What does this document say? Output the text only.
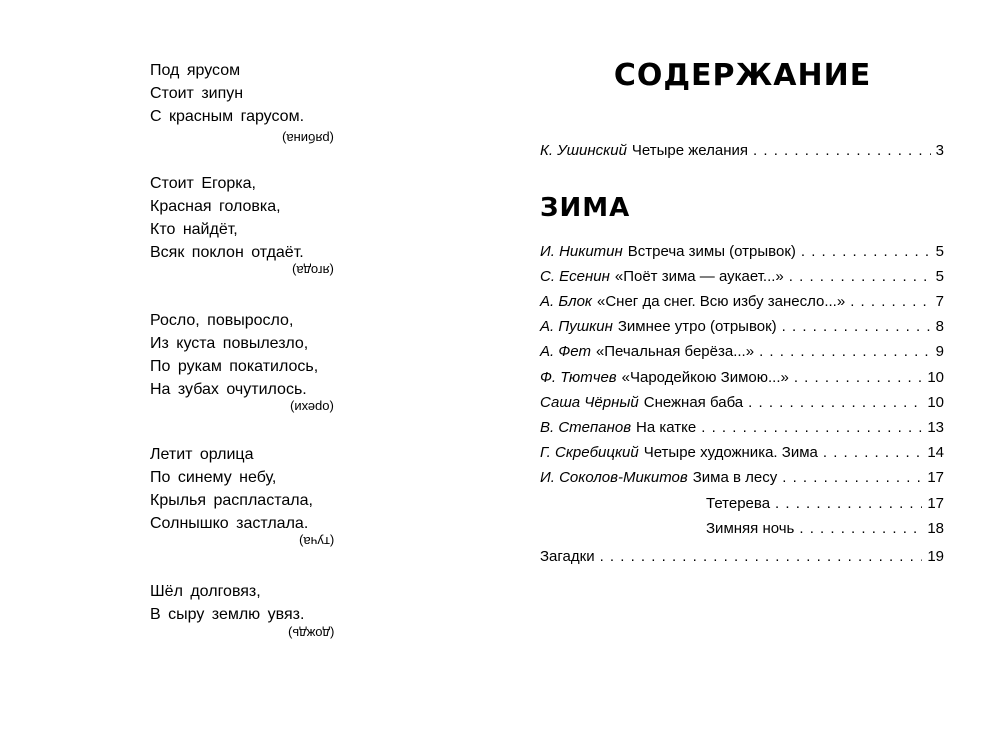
Под ярусом
Стоит зипун
С красным гарусом.
(рябина)
Стоит Егорка,
Красная головка,
Кто найдёт,
Всяк поклон отдаёт.
(ягода)
Росло, повыросло,
Из куста повылезло,
По рукам покатилось,
На зубах очутилось.
(орехи)
Летит орлица
По синему небу,
Крылья распластала,
Солнышко застлала.
(туча)
Шёл долговяз,
В сыру землю увяз.
(дождь)
СОДЕРЖАНИЕ
К. Ушинский Четыре желания . . .	3
ЗИМА
И. Никитин Встреча зимы (отрывок) . . .	5
С. Есенин «Поёт зима — аукает...» . . .	5
А. Блок «Снег да снег. Всю избу занесло...» . . .	7
А. Пушкин Зимнее утро (отрывок) . . .	8
А. Фет «Печальная берёза...» . . .	9
Ф. Тютчев «Чародейкою Зимою...» . . .	10
Саша Чёрный Снежная баба . . .	10
В. Степанов На катке . . .	13
Г. Скребицкий Четыре художника. Зима . . .	14
И. Соколов-Микитов Зима в лесу . . .	17
Тетерева . . .	17
Зимняя ночь . . .	18
Загадки . . .	19
